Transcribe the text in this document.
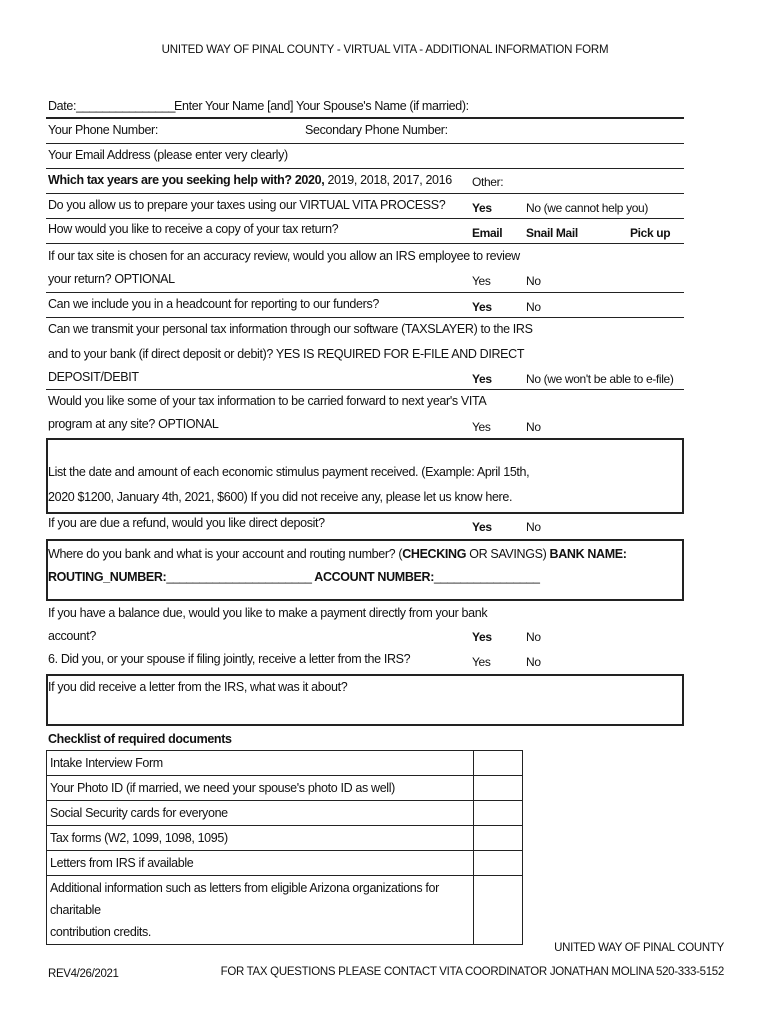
UNITED WAY OF PINAL COUNTY - VIRTUAL VITA - ADDITIONAL INFORMATION FORM
Date:_______________
Enter Your Name [and] Your Spouse's Name (if married):
Your Phone Number:	Secondary Phone Number:
Your Email Address (please enter very clearly)
Which tax years are you seeking help with? 2020, 2019, 2018, 2017, 2016 Other:
Do you allow us to prepare your taxes using our VIRTUAL VITA PROCESS? Yes	No (we cannot help you)
How would you like to receive a copy of your tax return?	Email Snail Mail	Pick up
If our tax site is chosen for an accuracy review, would you allow an IRS employee to review
your return? OPTIONAL	Yes	No
Can we include you in a headcount for reporting to our funders?	Yes	No
Can we transmit your personal tax information through our software (TAXSLAYER) to the IRS
and to your bank (if direct deposit or debit)? YES IS REQUIRED FOR E-FILE AND DIRECT
DEPOSIT/DEBIT	Yes	No (we won't be able to e-file)
Would you like some of your tax information to be carried forward to next year's VITA
program at any site? OPTIONAL	Yes	No
List the date and amount of each economic stimulus payment received. (Example: April 15th,
2020 $1200, January 4th, 2021, $600) If you did not receive any, please let us know here.
If you are due a refund, would you like direct deposit?	Yes	No
Where do you bank and what is your account and routing number? (CHECKING OR SAVINGS) BANK NAME:
ROUTING_NUMBER:______________________ ACCOUNT NUMBER:________________
If you have a balance due, would you like to make a payment directly from your bank
account?	Yes	No
6. Did you, or your spouse if filing jointly, receive a letter from the IRS?	Yes	No
If you did receive a letter from the IRS, what was it about?
Checklist of required documents
Intake Interview Form	
Your Photo ID (if married, we need your spouse's photo ID as well)	
Social Security cards for everyone	
Tax forms (W2, 1099, 1098, 1095)	
Letters from IRS if available	
Additional information such as letters from eligible Arizona organizations for charitable
contribution credits.	
REV4/26/2021
UNITED WAY OF PINAL COUNTY
FOR TAX QUESTIONS PLEASE CONTACT VITA COORDINATOR JONATHAN MOLINA 520-333-5152
